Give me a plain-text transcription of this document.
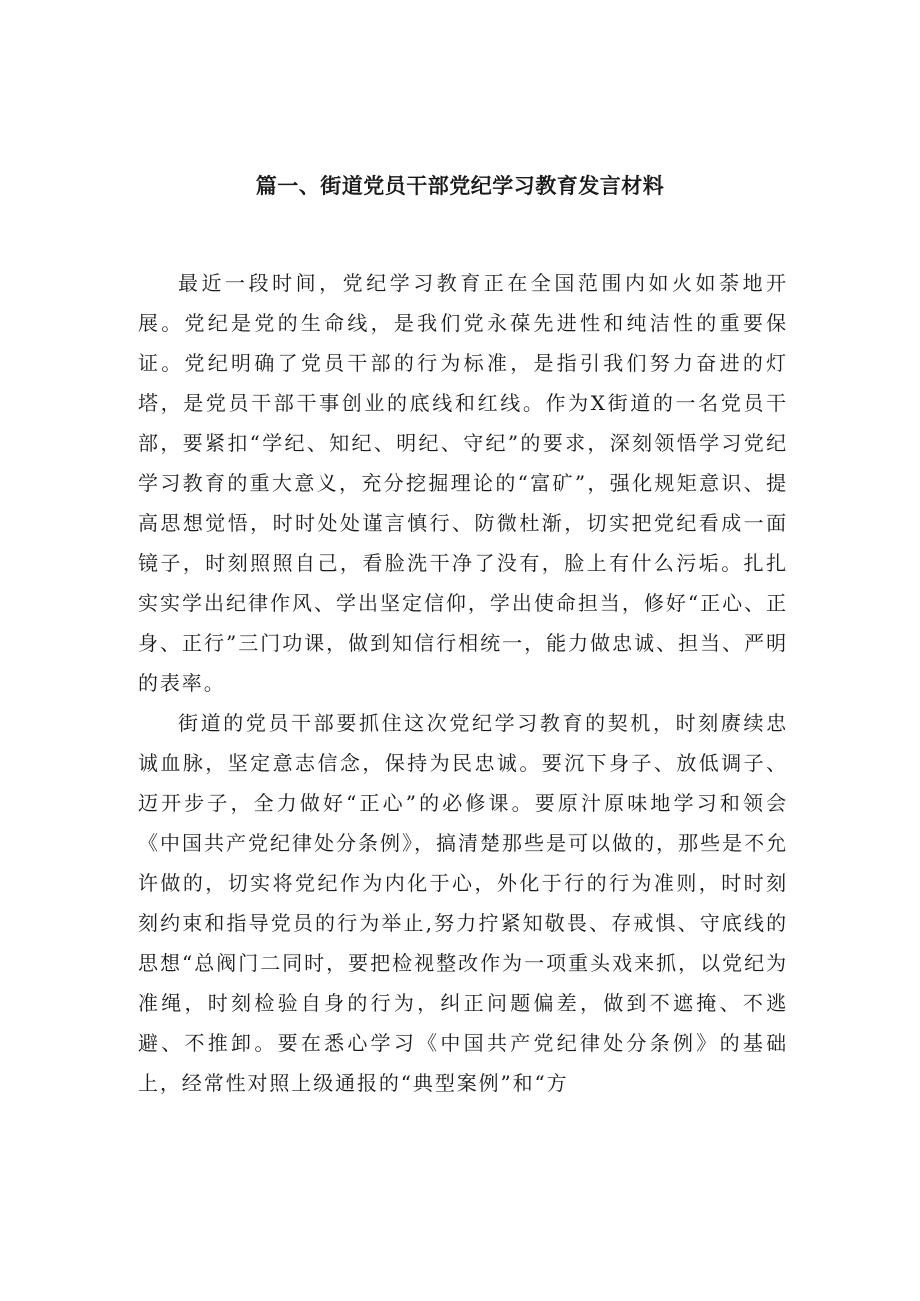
篇一、街道党员干部党纪学习教育发言材料

最近一段时间，党纪学习教育正在全国范围内如火如荼地开展。党纪是党的生命线，是我们党永葆先进性和纯洁性的重要保证。党纪明确了党员干部的行为标准，是指引我们努力奋进的灯塔，是党员干部干事创业的底线和红线。作为X街道的一名党员干部，要紧扣“学纪、知纪、明纪、守纪”的要求，深刻领悟学习党纪学习教育的重大意义，充分挖掘理论的“富矿”，强化规矩意识、提高思想觉悟，时时处处谨言慎行、防微杜渐，切实把党纪看成一面镜子，时刻照照自己，看脸洗干净了没有，脸上有什么污垢。扎扎实实学出纪律作风、学出坚定信仰，学出使命担当，修好“正心、正身、正行”三门功课，做到知信行相统一，能力做忠诚、担当、严明的表率。

街道的党员干部要抓住这次党纪学习教育的契机，时刻赓续忠诚血脉，坚定意志信念，保持为民忠诚。要沉下身子、放低调子、迈开步子，全力做好“正心”的必修课。要原汁原味地学习和领会《中国共产党纪律处分条例》，搞清楚那些是可以做的，那些是不允许做的，切实将党纪作为内化于心，外化于行的行为准则，时时刻刻约束和指导党员的行为举止,努力拧紧知敬畏、存戒惧、守底线的思想“总阀门二同时，要把检视整改作为一项重头戏来抓，以党纪为准绳，时刻检验自身的行为，纠正问题偏差，做到不遮掩、不逃避、不推卸。要在悉心学习《中国共产党纪律处分条例》的基础上，经常性对照上级通报的“典型案例”和“方
